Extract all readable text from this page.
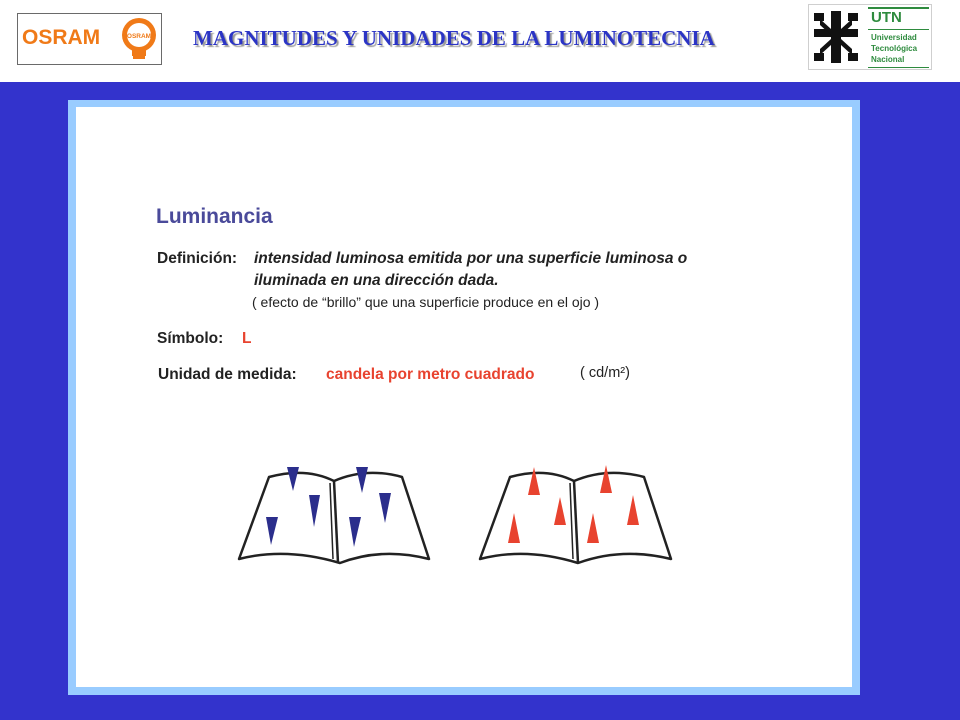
OSRAM	OSRAM MAGNITUDES Y UNIDADES DE LA LUMINOTECNIA
UTN
Universidad
Tecnológica
Nacional
Luminancia
Definición: intensidad luminosa emitida por una superficie luminosa o
iluminada en una dirección dada.
( efecto de “brillo” que una superficie produce en el ojo )
Símbolo: L
Unidad de medida: candela por metro cuadrado	( cd/m²)
